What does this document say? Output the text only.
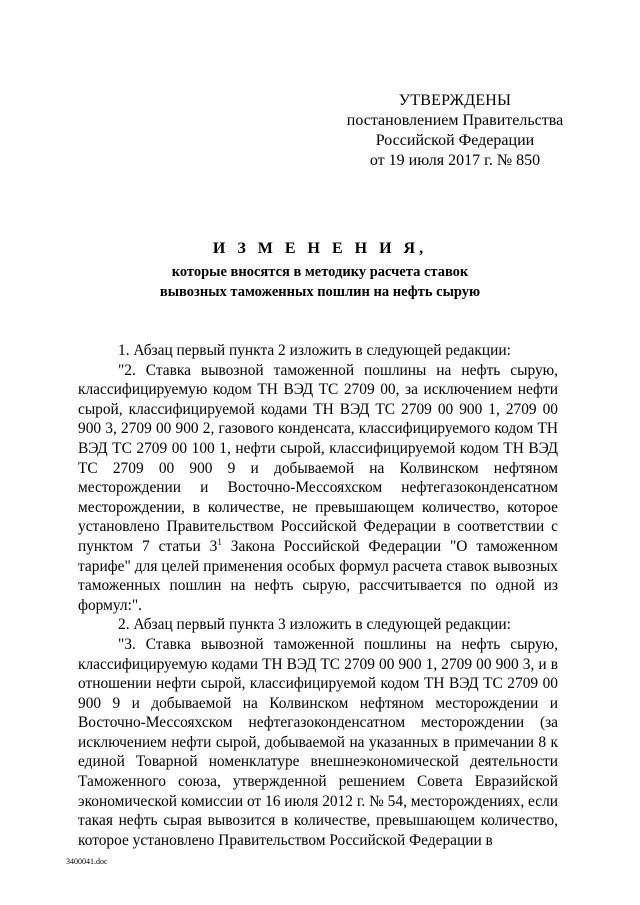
УТВЕРЖДЕНЫ
постановлением Правительства
Российской Федерации
от 19 июля 2017 г. № 850
И З М Е Н Е Н И Я,
которые вносятся в методику расчета ставок
вывозных таможенных пошлин на нефть сырую

1. Абзац первый пункта 2 изложить в следующей редакции:

"2. Ставка вывозной таможенной пошлины на нефть сырую, классифицируемую кодом ТН ВЭД ТС 2709 00, за исключением нефти сырой, классифицируемой кодами ТН ВЭД ТС 2709 00 900 1, 2709 00 900 3, 2709 00 900 2, газового конденсата, классифицируемого кодом ТН ВЭД ТС 2709 00 100 1, нефти сырой, классифицируемой кодом ТН ВЭД ТС 2709 00 900 9 и добываемой на Колвинском нефтяном месторождении и Восточно-Мессояхском нефтегазоконденсатном месторождении, в количестве, не превышающем количество, которое установлено Правительством Российской Федерации в соответствии с пунктом 7 статьи $3^1$ Закона Российской Федерации "О таможенном тарифе" для целей применения особых формул расчета ставок вывозных таможенных пошлин на нефть сырую, рассчитывается по одной из формул:".

2. Абзац первый пункта 3 изложить в следующей редакции:

"3. Ставка вывозной таможенной пошлины на нефть сырую, классифицируемую кодами ТН ВЭД ТС 2709 00 900 1, 2709 00 900 3, и в отношении нефти сырой, классифицируемой кодом ТН ВЭД ТС 2709 00 900 9 и добываемой на Колвинском нефтяном месторождении и Восточно-Мессояхском нефтегазоконденсатном месторождении (за исключением нефти сырой, добываемой на указанных в примечании 8 к единой Товарной номенклатуре внешнеэкономической деятельности Таможенного союза, утвержденной решением Совета Евразийской экономической комиссии от 16 июля 2012 г. № 54, месторождениях, если такая нефть сырая вывозится в количестве, превышающем количество, которое установлено Правительством Российской Федерации в

3400041.doc
